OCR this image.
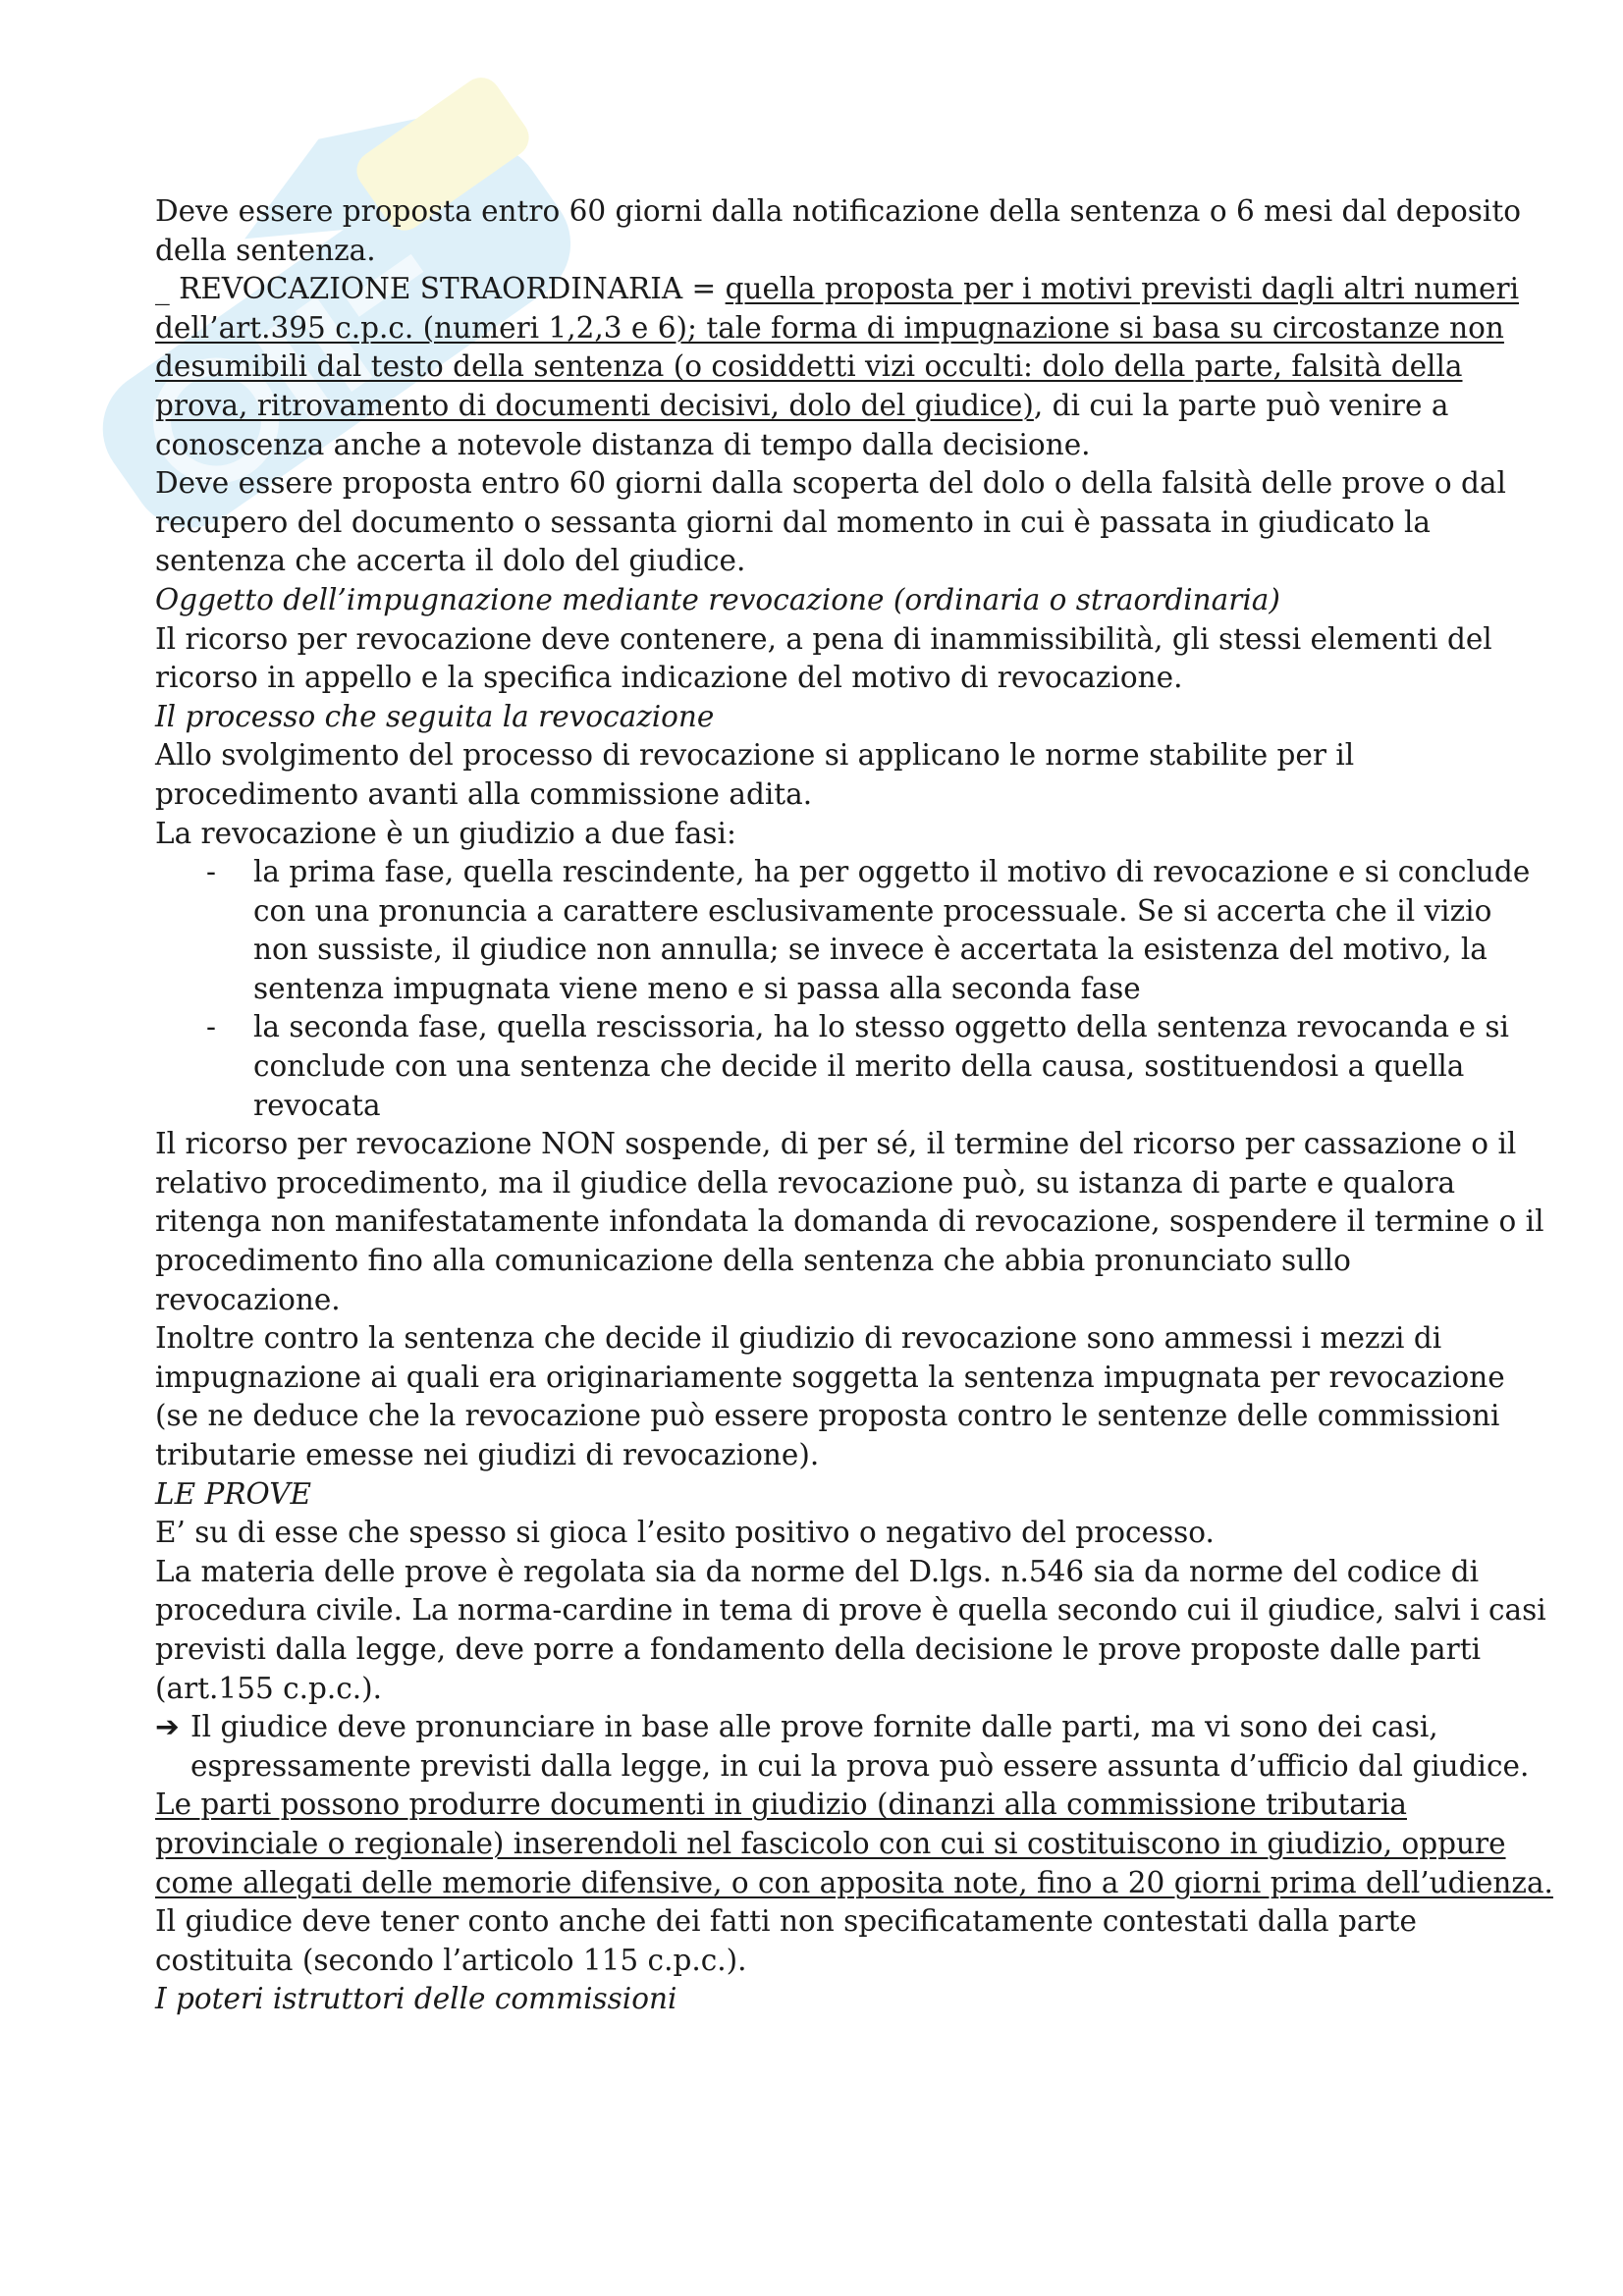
Deve essere proposta entro 60 giorni dalla notificazione della sentenza o 6 mesi dal deposito
della sentenza.
_ REVOCAZIONE STRAORDINARIA = quella proposta per i motivi previsti dagli altri numeri
dell’art.395 c.p.c. (numeri 1,2,3 e 6); tale forma di impugnazione si basa su circostanze non
desumibili dal testo della sentenza (o cosiddetti vizi occulti: dolo della parte, falsità della
prova, ritrovamento di documenti decisivi, dolo del giudice), di cui la parte può venire a
conoscenza anche a notevole distanza di tempo dalla decisione.
Deve essere proposta entro 60 giorni dalla scoperta del dolo o della falsità delle prove o dal
recupero del documento o sessanta giorni dal momento in cui è passata in giudicato la
sentenza che accerta il dolo del giudice.
Oggetto dell’impugnazione mediante revocazione (ordinaria o straordinaria)
Il ricorso per revocazione deve contenere, a pena di inammissibilità, gli stessi elementi del
ricorso in appello e la specifica indicazione del motivo di revocazione.
Il processo che seguita la revocazione
Allo svolgimento del processo di revocazione si applicano le norme stabilite per il
procedimento avanti alla commissione adita.
La revocazione è un giudizio a due fasi:
- la prima fase, quella rescindente, ha per oggetto il motivo di revocazione e si conclude
con una pronuncia a carattere esclusivamente processuale. Se si accerta che il vizio
non sussiste, il giudice non annulla; se invece è accertata la esistenza del motivo, la
sentenza impugnata viene meno e si passa alla seconda fase
- la seconda fase, quella rescissoria, ha lo stesso oggetto della sentenza revocanda e si
conclude con una sentenza che decide il merito della causa, sostituendosi a quella
revocata
Il ricorso per revocazione NON sospende, di per sé, il termine del ricorso per cassazione o il
relativo procedimento, ma il giudice della revocazione può, su istanza di parte e qualora
ritenga non manifestatamente infondata la domanda di revocazione, sospendere il termine o il
procedimento fino alla comunicazione della sentenza che abbia pronunciato sullo
revocazione.
Inoltre contro la sentenza che decide il giudizio di revocazione sono ammessi i mezzi di
impugnazione ai quali era originariamente soggetta la sentenza impugnata per revocazione
(se ne deduce che la revocazione può essere proposta contro le sentenze delle commissioni
tributarie emesse nei giudizi di revocazione).
LE PROVE
E’ su di esse che spesso si gioca l’esito positivo o negativo del processo.
La materia delle prove è regolata sia da norme del D.lgs. n.546 sia da norme del codice di
procedura civile. La norma-cardine in tema di prove è quella secondo cui il giudice, salvi i casi
previsti dalla legge, deve porre a fondamento della decisione le prove proposte dalle parti
(art.155 c.p.c.).
➔ Il giudice deve pronunciare in base alle prove fornite dalle parti, ma vi sono dei casi,
espressamente previsti dalla legge, in cui la prova può essere assunta d’ufficio dal giudice.
Le parti possono produrre documenti in giudizio (dinanzi alla commissione tributaria
provinciale o regionale) inserendoli nel fascicolo con cui si costituiscono in giudizio, oppure
come allegati delle memorie difensive, o con apposita note, fino a 20 giorni prima dell’udienza.
Il giudice deve tener conto anche dei fatti non specificatamente contestati dalla parte
costituita (secondo l’articolo 115 c.p.c.).
I poteri istruttori delle commissioni
